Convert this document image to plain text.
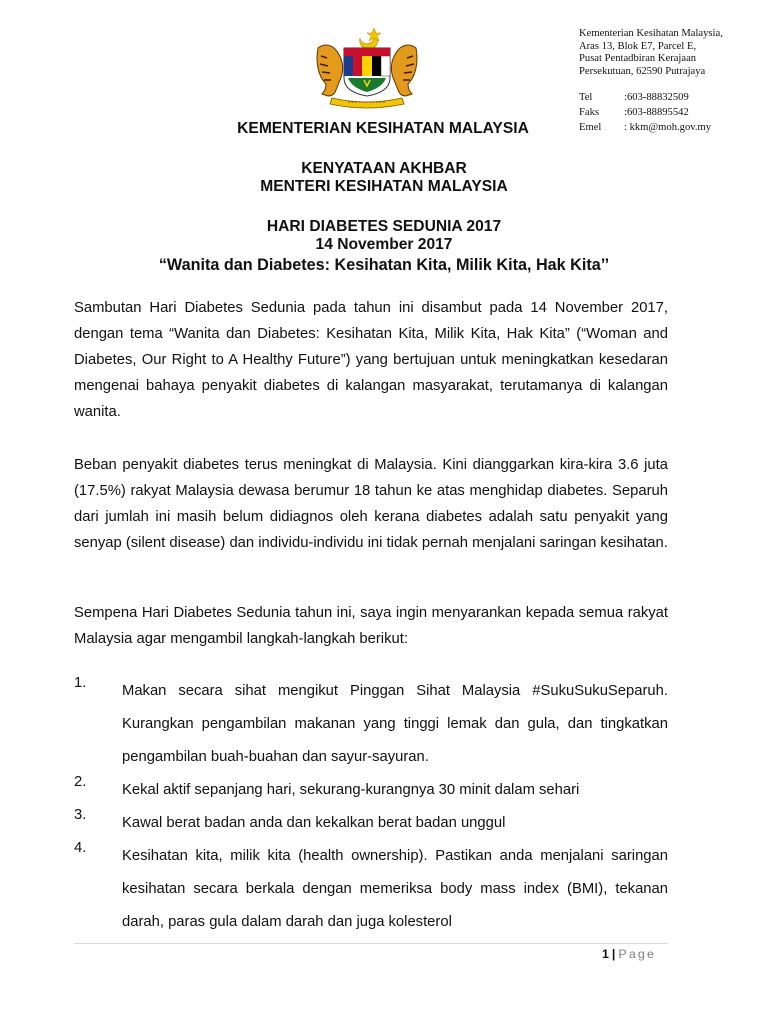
Kementerian Kesihatan Malaysia,
Aras 13, Blok E7, Parcel E,
Pusat Pentadbiran Kerajaan
Persekutuan, 62590 Putrajaya
Tel	:603-88832509
Faks	:603-88895542
Emel	: kkm@moh.gov.my
KEMENTERIAN KESIHATAN MALAYSIA
KENYATAAN AKHBAR
MENTERI KESIHATAN MALAYSIA
HARI DIABETES SEDUNIA 2017
14 November 2017
“Wanita dan Diabetes: Kesihatan Kita, Milik Kita, Hak Kita’’
Sambutan Hari Diabetes Sedunia pada tahun ini disambut pada 14 November 2017, dengan tema “Wanita dan Diabetes: Kesihatan Kita, Milik Kita, Hak Kita” (“Woman and Diabetes, Our Right to A Healthy Future”) yang bertujuan untuk meningkatkan kesedaran mengenai bahaya penyakit diabetes di kalangan masyarakat, terutamanya di kalangan wanita.
Beban penyakit diabetes terus meningkat di Malaysia. Kini dianggarkan kira-kira 3.6 juta (17.5%) rakyat Malaysia dewasa berumur 18 tahun ke atas menghidap diabetes. Separuh dari jumlah ini masih belum didiagnos oleh kerana diabetes adalah satu penyakit yang senyap (silent disease) dan individu-individu ini tidak pernah menjalani saringan kesihatan.
Sempena Hari Diabetes Sedunia tahun ini, saya ingin menyarankan kepada semua rakyat Malaysia agar mengambil langkah-langkah berikut:
1. Makan secara sihat mengikut Pinggan Sihat Malaysia #SukuSukuSeparuh. Kurangkan pengambilan makanan yang tinggi lemak dan gula, dan tingkatkan pengambilan buah-buahan dan sayur-sayuran.
2. Kekal aktif sepanjang hari, sekurang-kurangnya 30 minit dalam sehari
3. Kawal berat badan anda dan kekalkan berat badan unggul
4. Kesihatan kita, milik kita (health ownership). Pastikan anda menjalani saringan kesihatan secara berkala dengan memeriksa body mass index (BMI), tekanan darah, paras gula dalam darah dan juga kolesterol
1 | Page
